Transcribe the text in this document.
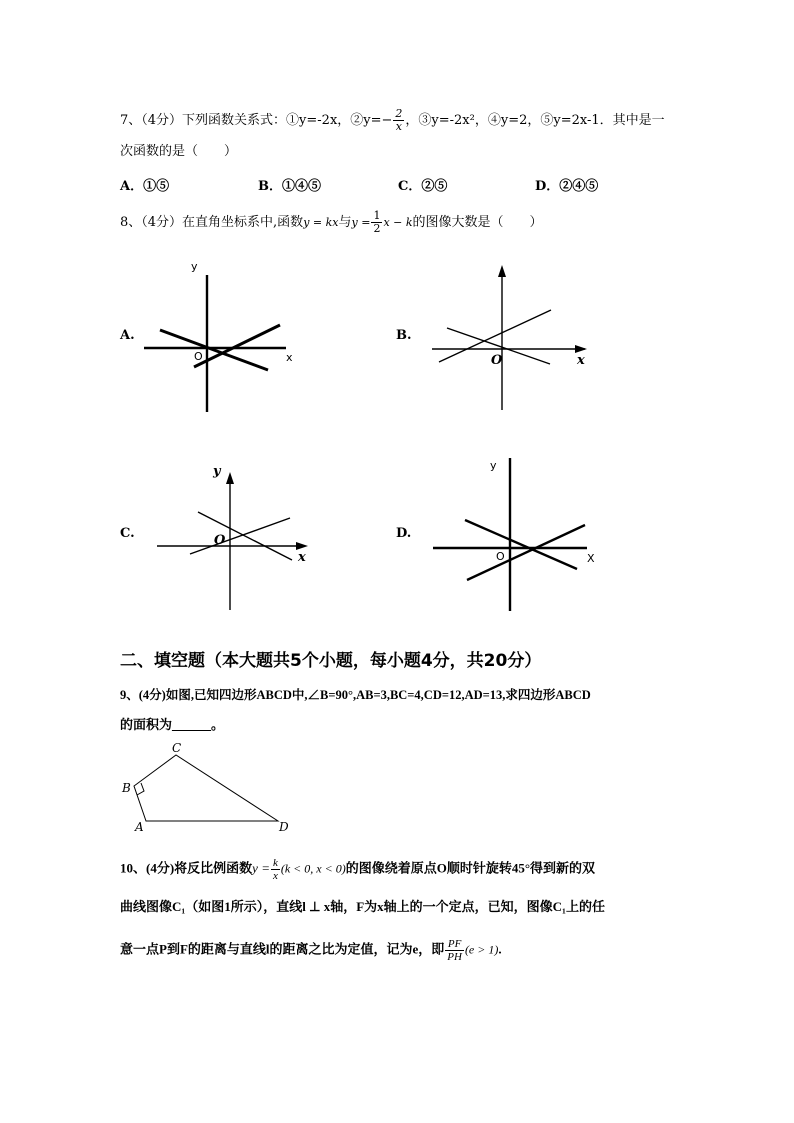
7、（4分）下列函数关系式：①y=-2x，②y=− $\frac{2}{x}$ ，③y=-2x²，④y=2，⑤y=2x-1．其中是一
次函数的是（　　）
A．①⑤	B．①④⑤	C．②⑤	D．②④⑤
8、（4分）在直角坐标系中,函数y = kx与$y = \frac{1}{2}$ x − k的图像大数是（　　）
A.	B.
C.	D.
y
O	x	x
O
y
O
x
y
O	X
二、填空题（本大题共5个小题，每小题4分，共20分）
9、(4分)如图,已知四边形ABCD中,∠B=90°,AB=3,BC=4,CD=12,AD=13,求四边形ABCD
的面积为______。
A
B
C
D
10、(4分)将反比例函数$y = \frac{k}{x} (k < 0$, x < 0)的图像绕着原点O顺时针旋转45°得到新的双
曲线图像C₁（如图1所示），直线l ⊥ x轴，F为x轴上的一个定点，已知，图像C₁上的任
意一点P到F的距离与直线l的距离之比为定值，记为e，即 $\frac{PF}{PH} (e > 1)$.
